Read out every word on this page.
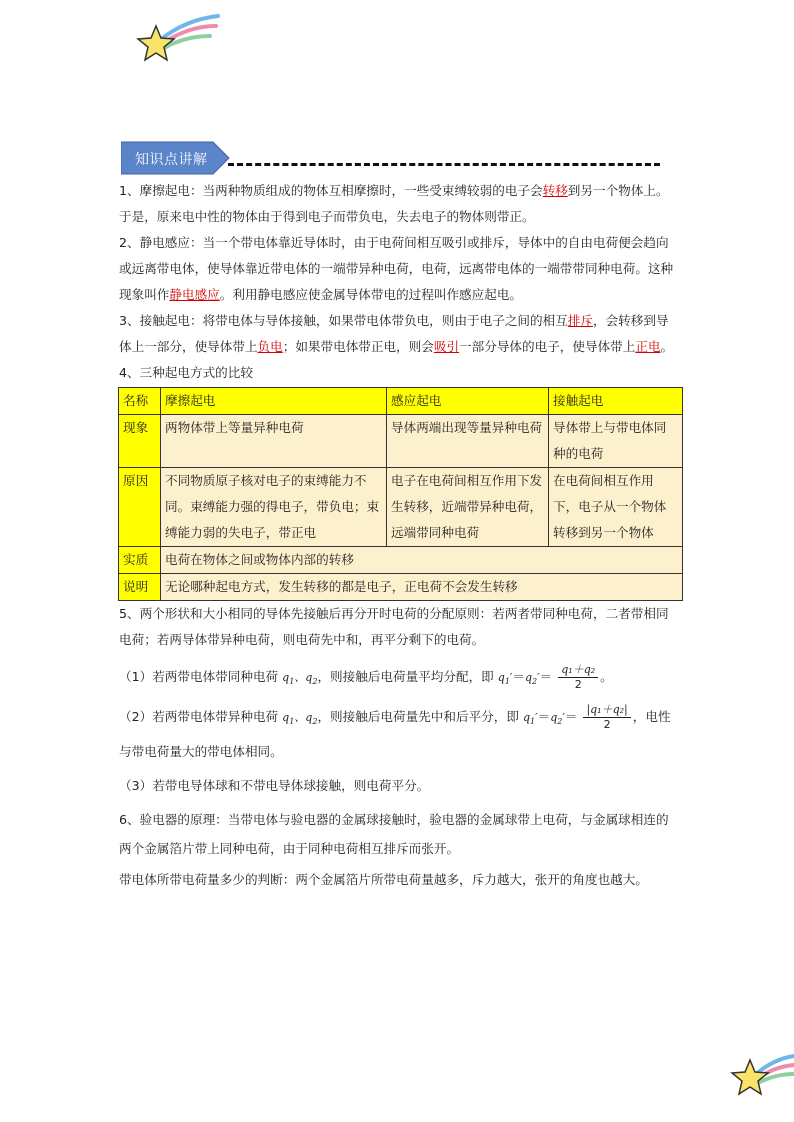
知识点讲解

1、摩擦起电：当两种物质组成的物体互相摩擦时，一些受束缚较弱的电子会转移到另一个物体上。于是，原来电中性的物体由于得到电子而带负电，失去电子的物体则带正。

2、静电感应：当一个带电体靠近导体时，由于电荷间相互吸引或排斥，导体中的自由电荷便会趋向或远离带电体，使导体靠近带电体的一端带异种电荷，电荷，远离带电体的一端带带同种电荷。这种现象叫作静电感应。利用静电感应使金属导体带电的过程叫作感应起电。

3、接触起电：将带电体与导体接触，如果带电体带负电，则由于电子之间的相互排斥，会转移到导体上一部分，使导体带上负电；如果带电体带正电，则会吸引一部分导体的电子，使导体带上正电。

4、三种起电方式的比较

名称	摩擦起电	感应起电	接触起电
现象	两物体带上等量异种电荷	导体两端出现等量异种电荷	导体带上与带电体同种的电荷
原因	不同物质原子核对电子的束缚能力不同。束缚能力强的得电子，带负电；束缚能力弱的失电子，带正电	电子在电荷间相互作用下发生转移，近端带异种电荷，远端带同种电荷	在电荷间相互作用下，电子从一个物体转移到另一个物体
实质	电荷在物体之间或物体内部的转移		
说明	无论哪种起电方式，发生转移的都是电子，正电荷不会发生转移		

5、两个形状和大小相同的导体先接触后再分开时电荷的分配原则：若两者带同种电荷，二者带相同电荷；若两导体带异种电荷，则电荷先中和，再平分剩下的电荷。

（1）若两带电体带同种电荷 $q_1$、$q_2$，则接触后电荷量平均分配，即 $q_1'=q_2'= \frac{\text{q₁＋q₂}}{2}$ 。

（2）若两带电体带异种电荷 $q_1$、$q_2$，则接触后电荷量先中和后平分，即 $q_1'=q_2'= \frac{\text{|q₁＋q₂|}}{2}$ ，电性与带电荷量大的带电体相同。

（3）若带电导体球和不带电导体球接触，则电荷平分。

6、验电器的原理：当带电体与验电器的金属球接触时，验电器的金属球带上电荷，与金属球相连的两个金属箔片带上同种电荷，由于同种电荷相互排斥而张开。

带电体所带电荷量多少的判断：两个金属箔片所带电荷量越多，斥力越大，张开的角度也越大。
